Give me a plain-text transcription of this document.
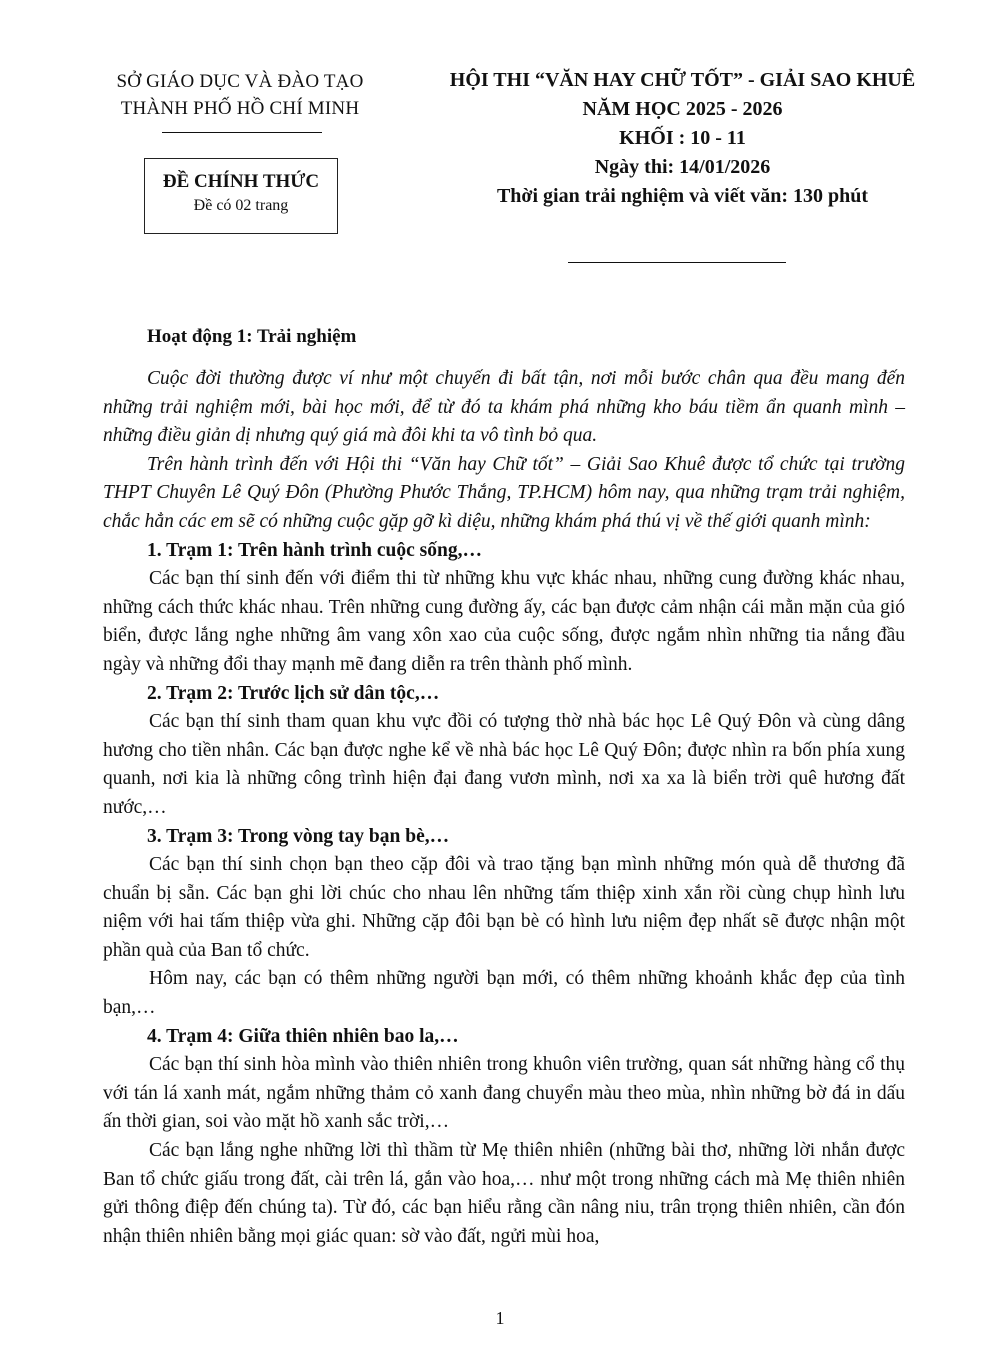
SỞ GIÁO DỤC VÀ ĐÀO TẠO
THÀNH PHỐ HỒ CHÍ MINH
ĐỀ CHÍNH THỨC
Đề có 02 trang
HỘI THI “VĂN HAY CHỮ TỐT” - GIẢI SAO KHUÊ
NĂM HỌC 2025 - 2026
KHỐI : 10 - 11
Ngày thi: 14/01/2026
Thời gian trải nghiệm và viết văn: 130 phút
Hoạt động 1: Trải nghiệm

Cuộc đời thường được ví như một chuyến đi bất tận, nơi mỗi bước chân qua đều mang đến những trải nghiệm mới, bài học mới, để từ đó ta khám phá những kho báu tiềm ẩn quanh mình – những điều giản dị nhưng quý giá mà đôi khi ta vô tình bỏ qua.

Trên hành trình đến với Hội thi “Văn hay Chữ tốt” – Giải Sao Khuê được tổ chức tại trường THPT Chuyên Lê Quý Đôn (Phường Phước Thắng, TP.HCM) hôm nay, qua những trạm trải nghiệm, chắc hẳn các em sẽ có những cuộc gặp gỡ kì diệu, những khám phá thú vị về thế giới quanh mình:

1. Trạm 1: Trên hành trình cuộc sống,…

Các bạn thí sinh đến với điểm thi từ những khu vực khác nhau, những cung đường khác nhau, những cách thức khác nhau. Trên những cung đường ấy, các bạn được cảm nhận cái mằn mặn của gió biển, được lắng nghe những âm vang xôn xao của cuộc sống, được ngắm nhìn những tia nắng đầu ngày và những đổi thay mạnh mẽ đang diễn ra trên thành phố mình.

2. Trạm 2: Trước lịch sử dân tộc,…

Các bạn thí sinh tham quan khu vực đồi có tượng thờ nhà bác học Lê Quý Đôn và cùng dâng hương cho tiền nhân. Các bạn được nghe kể về nhà bác học Lê Quý Đôn; được nhìn ra bốn phía xung quanh, nơi kia là những công trình hiện đại đang vươn mình, nơi xa xa là biển trời quê hương đất nước,…

3. Trạm 3: Trong vòng tay bạn bè,…

Các bạn thí sinh chọn bạn theo cặp đôi và trao tặng bạn mình những món quà dễ thương đã chuẩn bị sẵn. Các bạn ghi lời chúc cho nhau lên những tấm thiệp xinh xắn rồi cùng chụp hình lưu niệm với hai tấm thiệp vừa ghi. Những cặp đôi bạn bè có hình lưu niệm đẹp nhất sẽ được nhận một phần quà của Ban tổ chức.

Hôm nay, các bạn có thêm những người bạn mới, có thêm những khoảnh khắc đẹp của tình bạn,…

4. Trạm 4: Giữa thiên nhiên bao la,…

Các bạn thí sinh hòa mình vào thiên nhiên trong khuôn viên trường, quan sát những hàng cổ thụ với tán lá xanh mát, ngắm những thảm cỏ xanh đang chuyển màu theo mùa, nhìn những bờ đá in dấu ấn thời gian, soi vào mặt hồ xanh sắc trời,…

Các bạn lắng nghe những lời thì thầm từ Mẹ thiên nhiên (những bài thơ, những lời nhắn được Ban tổ chức giấu trong đất, cài trên lá, gắn vào hoa,… như một trong những cách mà Mẹ thiên nhiên gửi thông điệp đến chúng ta). Từ đó, các bạn hiểu rằng cần nâng niu, trân trọng thiên nhiên, cần đón nhận thiên nhiên bằng mọi giác quan: sờ vào đất, ngửi mùi hoa,

1
